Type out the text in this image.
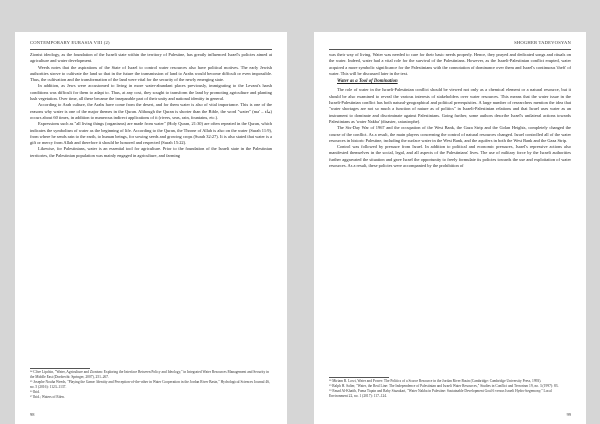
CONTEMPORARY EURASIA VIII (2)

Zionist ideology, as the foundation of the Israeli state within the territory of Palestine, has greatly influenced Israel's policies aimed at agriculture and water development.

Weeds notes that the aspirations of the State of Israel to control water resources also have political motives. The early Jewish authorities strove to cultivate the land so that in the future the transmission of land to Arabs would become difficult or even impossible. Thus, the cultivation and the transformation of the land were vital for the security of the newly emerging state.

In addition, as Jews were accustomed to living in more water-abundant places previously, immigrating to the Levant's harsh conditions was difficult for them to adapt to. Thus, at any cost, they sought to transform the land by promoting agriculture and planting lush vegetation. Over time, all these became the inseparable part of their unity and national identity in general.

According to Arab culture, the Arabs have come from the desert, and for them water is also of vital importance. This is one of the reasons why water is one of the major themes in the Quran. Although the Quran is shorter than the Bible, the word "water" (ma' – ماء) occurs about 60 times, in addition to numerous indirect applications of it (rivers, seas, rain, fountains, etc.).

Expressions such as "all living things (organisms) are made from water" (Holy Quran, 21:30) are often repeated in the Quran, which indicates the symbolism of water as the beginning of life. According to the Quran, the Throne of Allah is also on the water (Surah 11:9), from where he sends rain to the earth, to human beings, for sowing seeds and growing crops (Surah 32:27). It is also stated that water is a gift or mercy from Allah and therefore it should be honored and respected (Surah 15:22).

Likewise, for Palestinians, water is an essential tool for agriculture. Prior to the foundation of the Israeli state in the Palestinian territories, the Palestinian population was mainly engaged in agriculture, and farming

¹⁴ Clive Lipchin, "Water, Agriculture and Zionism: Exploring the Interface Between Policy and Ideology," in Integrated Water Resources Management and Security in the Middle East (Dordrecht: Springer, 2007), 251–267.
¹⁵ Josephe Nouha Weeds, "Playing the Game: Identity and Perception-of-the-other in Water Cooperation in the Jordan River Basin," Hydrological Sciences Journal 46, no. 5 (2016): 1123–1137.
¹⁶ Ibid.
¹⁷ Ibid.; Waters of Eden.
98
SHOGHER TADEVOSYAN

was their way of living. Water was needed to care for their basic needs properly. Hence, they prayed and dedicated songs and rituals on the water. Indeed, water had a vital role for the survival of the Palestinians. However, as the Israeli-Palestinian conflict erupted, water acquired a more symbolic significance for the Palestinians with the connotation of dominance over them and Israel's continuous 'theft' of water. This will be discussed later in the text.

Water as a Tool of Domination

The role of water in the Israeli-Palestinian conflict should be viewed not only as a chemical element or a natural resource, but it should be also examined to reveal the various interests of stakeholders over water resources. This means that the water issue in the Israeli-Palestinian conflict has both natural-geographical and political prerequisites. A large number of researchers mention the idea that "water shortages are not so much a function of nature as of politics" in Israeli-Palestinian relations and that Israel uses water as an instrument to dominate and discriminate against Palestinians. Going further, some authors describe Israel's unilateral actions towards Palestinians as 'water Nakba' (disaster, catastrophe).

The Six-Day War of 1967 and the occupation of the West Bank, the Gaza Strip and the Golan Heights, completely changed the course of the conflict. As a result, the main players concerning the control of natural resources changed. Israel controlled all of the water resources in historic Palestine, including the surface water in the West Bank, and the aquifers in both the West Bank and the Gaza Strip.

Control was followed by pressure from Israel. In addition to political and economic pressures, Israel's repressive actions also manifested themselves in the social, legal, and all aspects of the Palestinians' lives. The use of military force by the Israeli authorities further aggravated the situation and gave Israel the opportunity to freely formulate its policies towards the use and exploitation of water resources. As a result, these policies were accompanied by the prohibition of

¹⁸ Miriam R. Lowi, Water and Power: The Politics of a Scarce Resource in the Jordan River Basin (Cambridge: Cambridge University Press, 1993).
¹⁹ Ralph H. Salter, "Water, the Real Line: The Independence of Palestinian and Israeli Water Resources," Studies in Conflict and Terrorism 19, no. 3 (1997): 83.
²⁰ Emad Al-Khatib, Fuma Tiqain and Raby Siuzukari, "Water Nakba in Palestine: Sustainable Development Goal 6 versus Israeli Hydro-hegemony," Local Environment 22, no. 1 (2017): 117–124.
99
